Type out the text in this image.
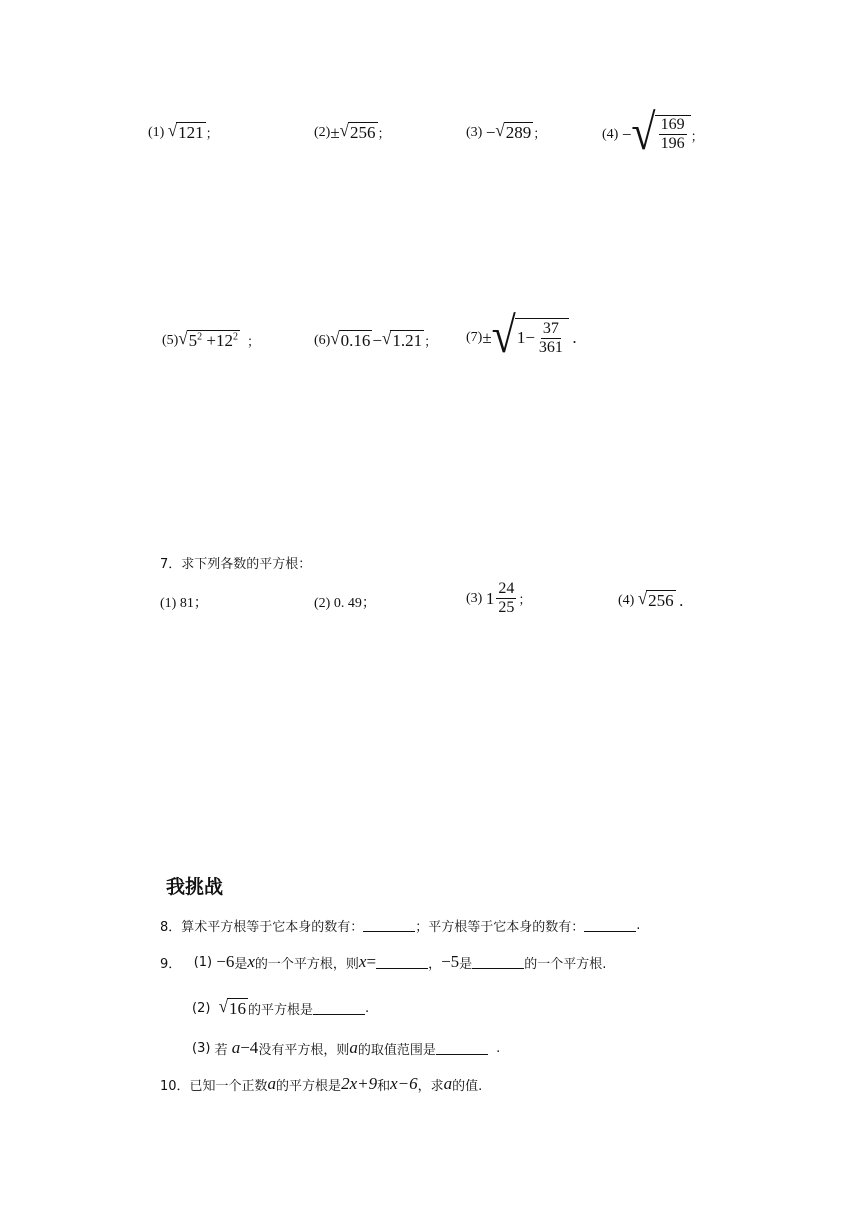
(1)
√ 121 ；	(2) ± √ 256 ；	(3)
− √ 289 ；	(4)
− √ $\frac{169}{196}$ ；
(5) √ $5^2 +12^2$
；	(6) √ 0.16 − √ 1.21 ； (7) ± √ $1 - \frac{37}{361}$
.
7．求下列各数的平方根：
(1) 81；	(2) 0. 49；	(3)
$1 \frac{24}{25}$ ；	(4)
√ 256
.
我挑战
8．算术平方根等于它本身的数有：	；平方根等于它本身的数有：	.
9．
(1)
−6 是 x 的一个平方根，则 x =	， −5 是	的一个平方根.
(2)
√ 16 的平方根是	.
(3)
若
a −4 没有平方根，则 a 的取值范围是
	.
10．已知一个正数 a 的平方根是 2x+9 和 x−6 ，求 a 的值.
